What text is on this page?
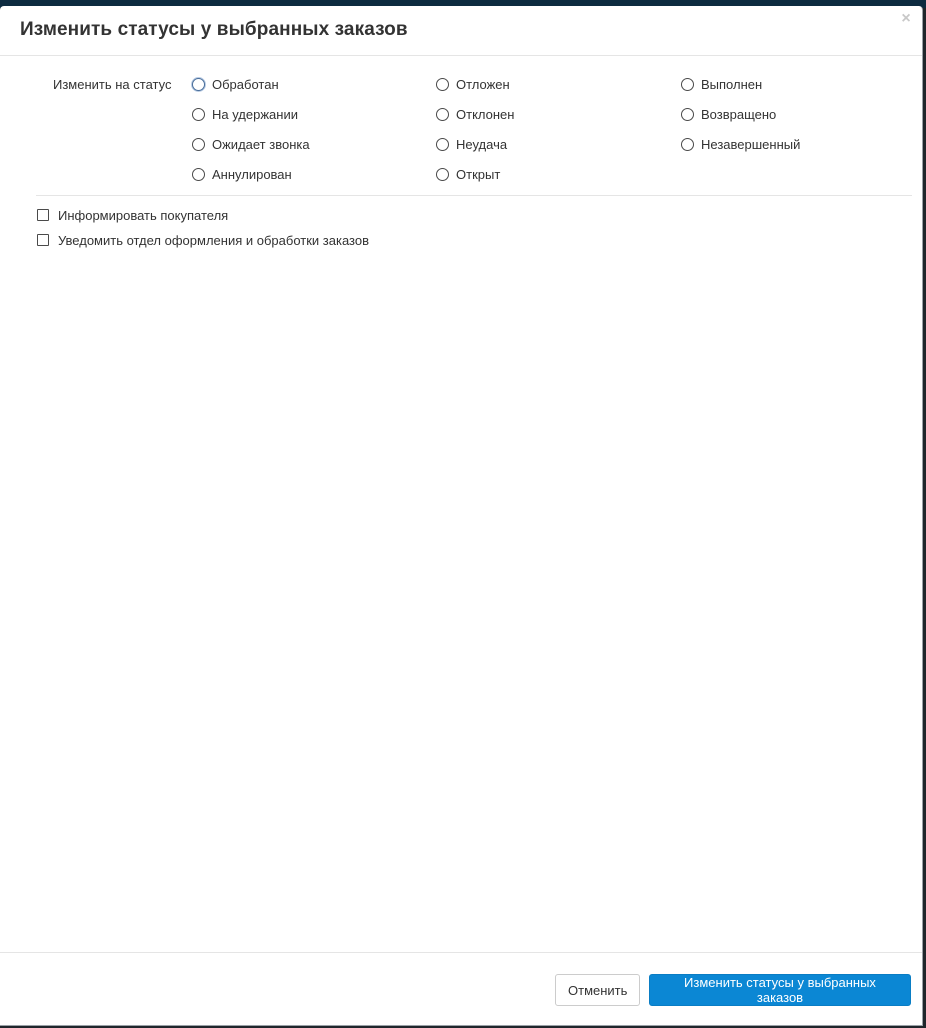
Изменить статусы у выбранных заказов
×
Изменить на статус	Обработан
На удержании
Ожидает звонка
Аннулирован
Отложен
Отклонен
Неудача
Открыт
Выполнен
Возвращено
Незавершенный
Информировать покупателя
Уведомить отдел оформления и обработки заказов
Отменить	Изменить статусы у выбранных заказов
